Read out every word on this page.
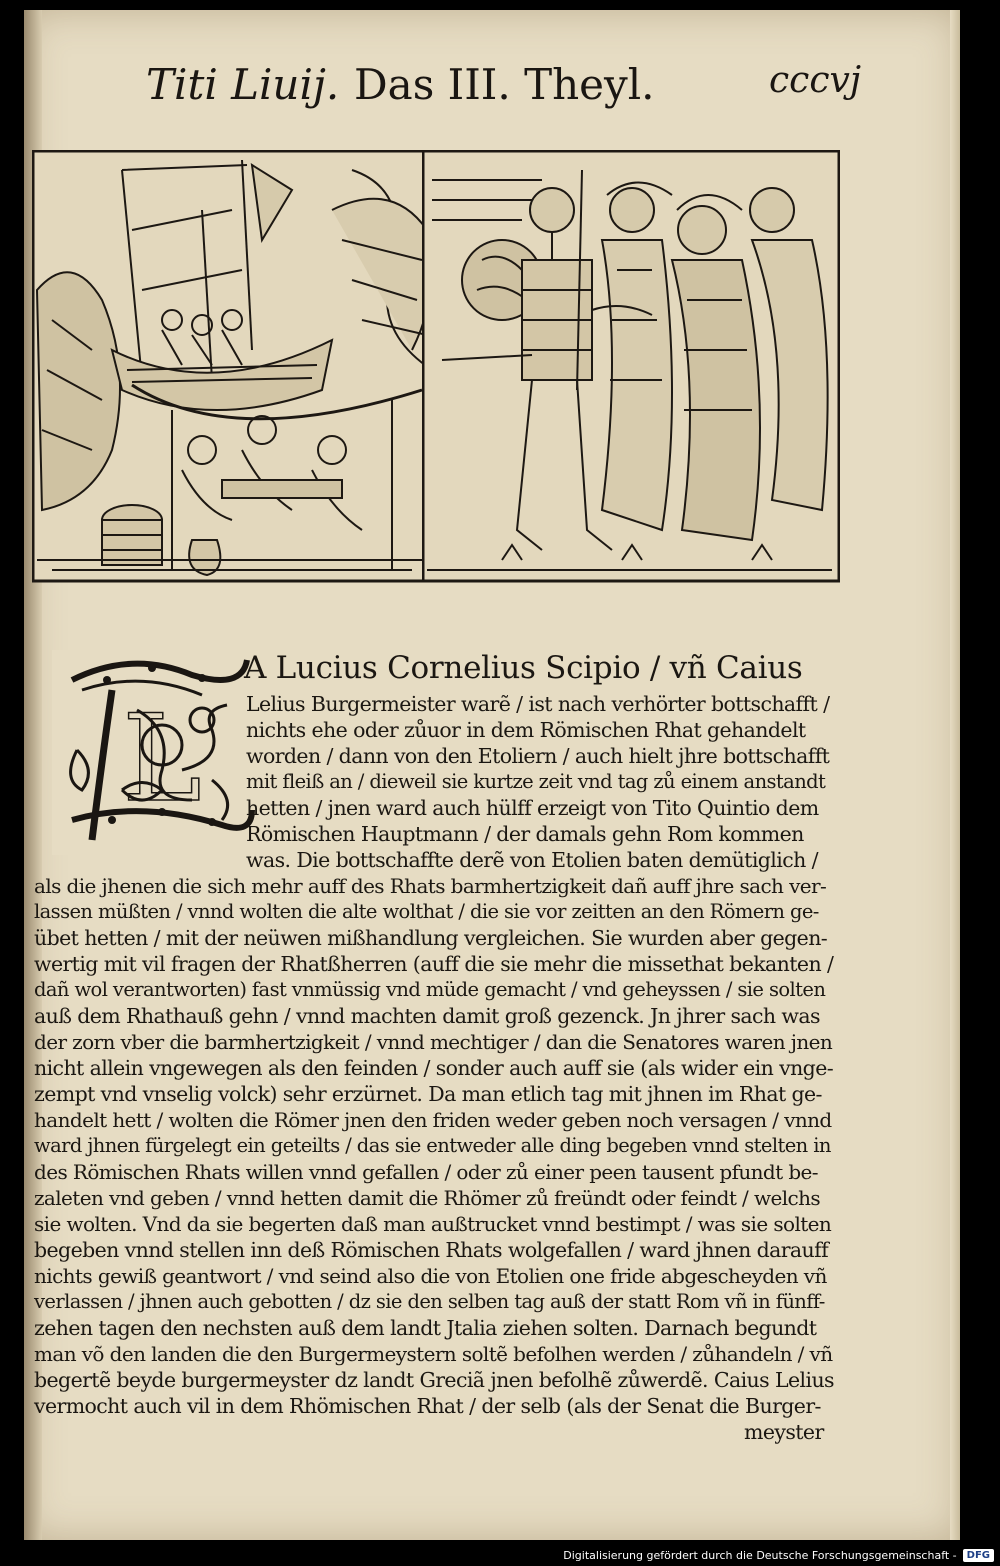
Titi Liuij. Das III. Theyl.	cccvj
L
A Lucius Cornelius Scipio / vñ Caius
Lelius Burgermeister warẽ / ist nach verhörter bottschafft /
nichts ehe oder zůuor in dem Römischen Rhat gehandelt
worden / dann von den Etoliern / auch hielt jhre bottschafft
mit fleiß an / dieweil sie kurtze zeit vnd tag zů einem anstandt
hetten / jnen ward auch hülff erzeigt von Tito Quintio dem
Römischen Hauptmann / der damals gehn Rom kommen
was. Die bottschaffte derẽ von Etolien baten demütiglich /
als die jhenen die sich mehr auff des Rhats barmhertzigkeit dañ auff jhre sach ver-
lassen müßten / vnnd wolten die alte wolthat / die sie vor zeitten an den Römern ge-
übet hetten / mit der neüwen mißhandlung vergleichen. Sie wurden aber gegen-
wertig mit vil fragen der Rhatßherren (auff die sie mehr die missethat bekanten /
dañ wol verantworten) fast vnmüssig vnd müde gemacht / vnd geheyssen / sie solten
auß dem Rhathauß gehn / vnnd machten damit groß gezenck. Jn jhrer sach was
der zorn vber die barmhertzigkeit / vnnd mechtiger / dan die Senatores waren jnen
nicht allein vngewegen als den feinden / sonder auch auff sie (als wider ein vnge-
zempt vnd vnselig volck) sehr erzürnet. Da man etlich tag mit jhnen im Rhat ge-
handelt hett / wolten die Römer jnen den friden weder geben noch versagen / vnnd
ward jhnen fürgelegt ein geteilts / das sie entweder alle ding begeben vnnd stelten in
des Römischen Rhats willen vnnd gefallen / oder zů einer peen tausent pfundt be-
zaleten vnd geben / vnnd hetten damit die Rhömer zů freündt oder feindt / welchs
sie wolten. Vnd da sie begerten daß man außtrucket vnnd bestimpt / was sie solten
begeben vnnd stellen inn deß Römischen Rhats wolgefallen / ward jhnen darauff
nichts gewiß geantwort / vnd seind also die von Etolien one fride abgescheyden vñ
verlassen / jhnen auch gebotten / dz sie den selben tag auß der statt Rom vñ in fünff-
zehen tagen den nechsten auß dem landt Jtalia ziehen solten. Darnach begundt
man võ den landen die den Burgermeystern soltẽ befolhen werden / zůhandeln / vñ
begertẽ beyde burgermeyster dz landt Greciã jnen befolhẽ zůwerdẽ. Caius Lelius
vermocht auch vil in dem Rhömischen Rhat / der selb (als der Senat die Burger-
meyster
Digitalisierung gefördert durch die Deutsche Forschungsgemeinschaft -	DFG
